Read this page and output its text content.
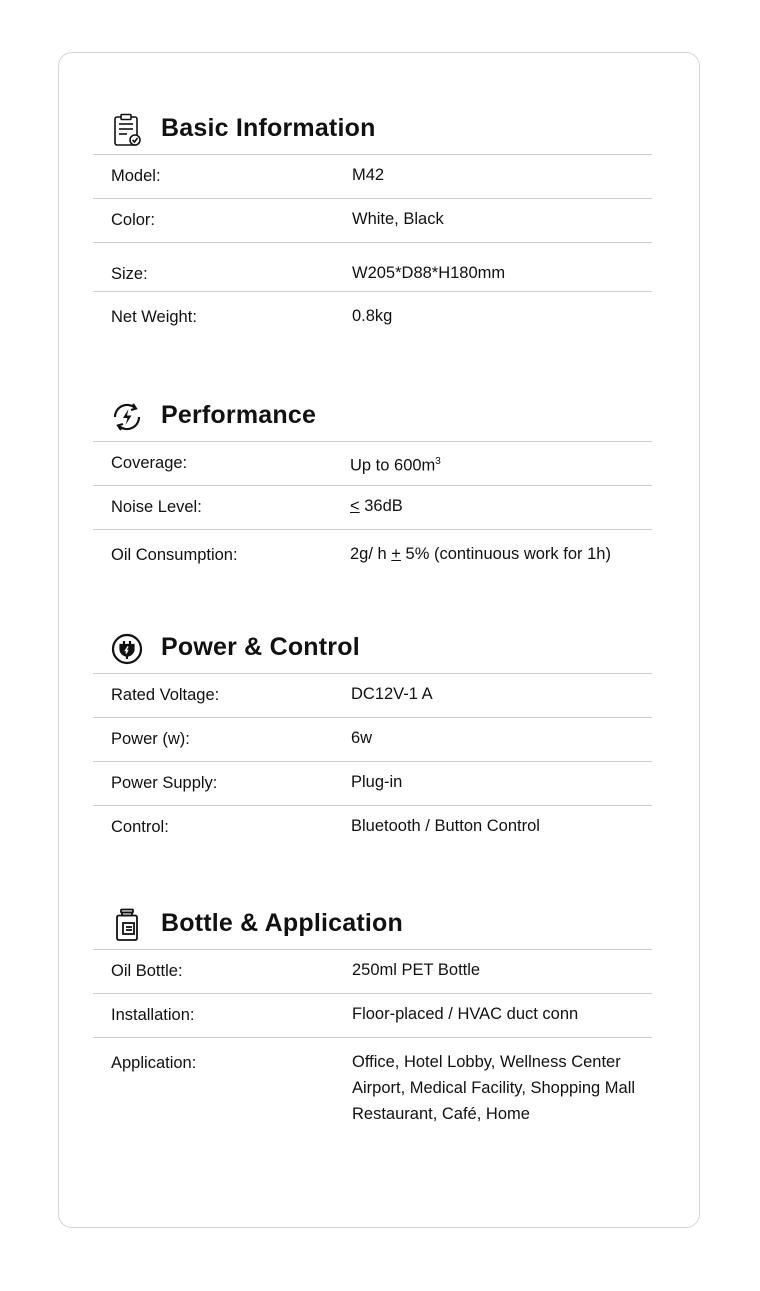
Basic Information
Model:	M42
Color:	White, Black
Size:	W205*D88*H180mm
Net Weight:	0.8kg
Performance
Coverage:	Up to $600m^3$
Noise Level:	< 36dB
Oil Consumption:	2g/ h + 5% (continuous work for 1h)
Power & Control
Rated Voltage:	DC12V-1 A
Power (w):	6w
Power Supply:	Plug-in
Control:	Bluetooth / Button Control
Bottle & Application
Oil Bottle:	250ml PET Bottle
Installation:	Floor-placed / HVAC duct conn
Application:	Office, Hotel Lobby, Wellness Center
Airport, Medical Facility, Shopping Mall
Restaurant, Café, Home
